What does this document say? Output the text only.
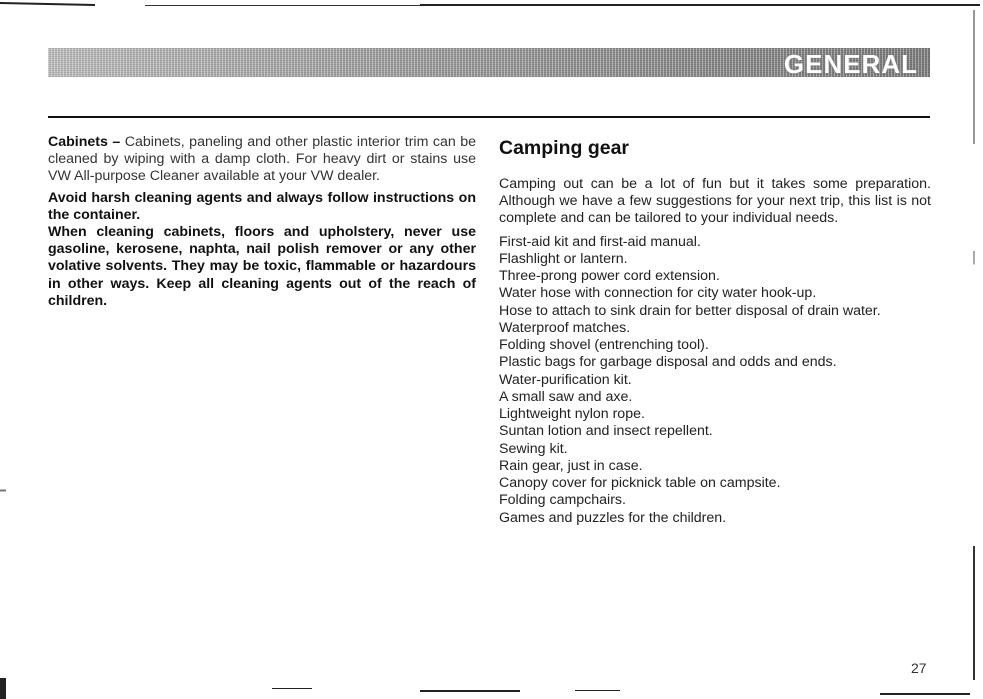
GENERAL

Cabinets – Cabinets, paneling and other plastic interior trim can be cleaned by wiping with a damp cloth. For heavy dirt or stains use VW All-purpose Cleaner available at your VW dealer.

Avoid harsh cleaning agents and always follow instructions on the container.

When cleaning cabinets, floors and upholstery, never use gasoline, kerosene, naphta, nail polish remover or any other volative solvents. They may be toxic, flammable or hazardours in other ways. Keep all cleaning agents out of the reach of children.

Camping gear

Camping out can be a lot of fun but it takes some preparation. Although we have a few suggestions for your next trip, this list is not complete and can be tailored to your individual needs.

First-aid kit and first-aid manual.
Flashlight or lantern.
Three-prong power cord extension.
Water hose with connection for city water hook-up.
Hose to attach to sink drain for better disposal of drain water.
Waterproof matches.
Folding shovel (entrenching tool).
Plastic bags for garbage disposal and odds and ends.
Water-purification kit.
A small saw and axe.
Lightweight nylon rope.
Suntan lotion and insect repellent.
Sewing kit.
Rain gear, just in case.
Canopy cover for picknick table on campsite.
Folding campchairs.
Games and puzzles for the children.
27
